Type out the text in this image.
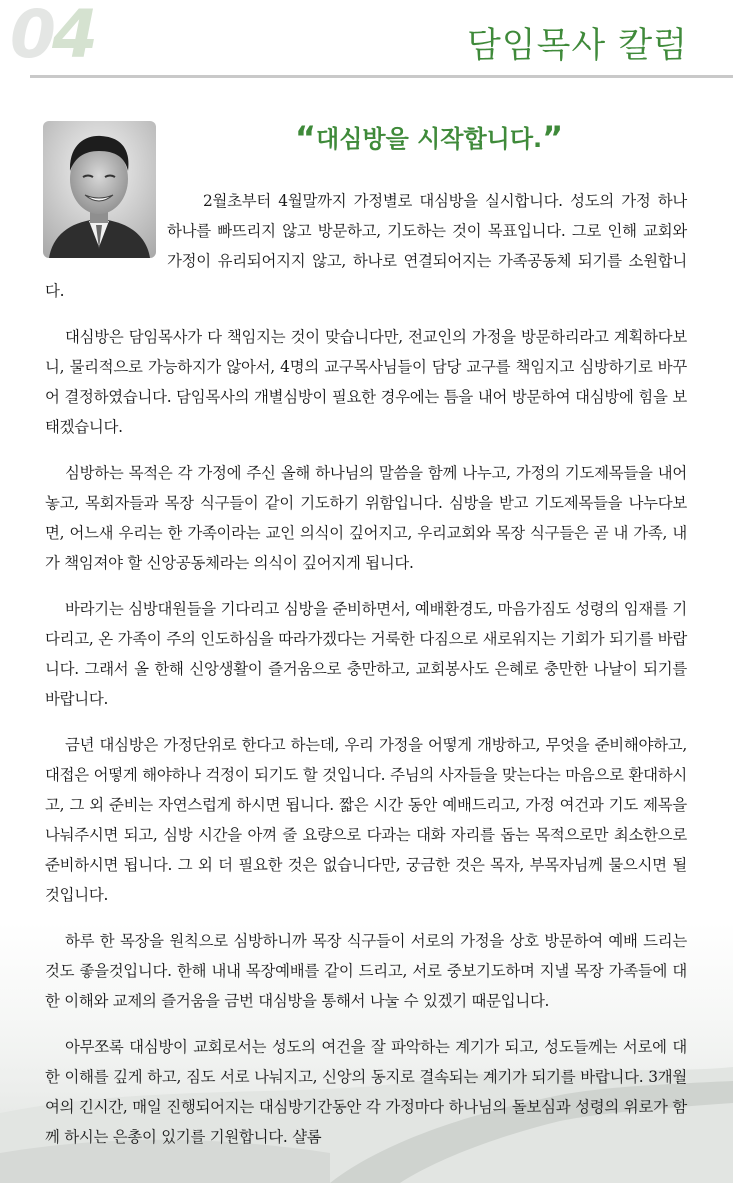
04	담임목사 칼럼
“대심방을 시작합니다.”

2월초부터 4월말까지 가정별로 대심방을 실시합니다. 성도의 가정 하나 하나를 빠뜨리지 않고 방문하고, 기도하는 것이 목표입니다. 그로 인해 교회와 가정이 유리되어지지 않고, 하나로 연결되어지는 가족공동체 되기를 소원합니다.

대심방은 담임목사가 다 책임지는 것이 맞습니다만, 전교인의 가정을 방문하리라고 계획하다보니, 물리적으로 가능하지가 않아서, 4명의 교구목사님들이 담당 교구를 책임지고 심방하기로 바꾸어 결정하였습니다. 담임목사의 개별심방이 필요한 경우에는 틈을 내어 방문하여 대심방에 힘을 보태겠습니다.

심방하는 목적은 각 가정에 주신 올해 하나님의 말씀을 함께 나누고, 가정의 기도제목들을 내어놓고, 목회자들과 목장 식구들이 같이 기도하기 위함입니다. 심방을 받고 기도제목들을 나누다보면, 어느새 우리는 한 가족이라는 교인 의식이 깊어지고, 우리교회와 목장 식구들은 곧 내 가족, 내가 책임져야 할 신앙공동체라는 의식이 깊어지게 됩니다.

바라기는 심방대원들을 기다리고 심방을 준비하면서, 예배환경도, 마음가짐도 성령의 임재를 기다리고, 온 가족이 주의 인도하심을 따라가겠다는 거룩한 다짐으로 새로워지는 기회가 되기를 바랍니다. 그래서 올 한해 신앙생활이 즐거움으로 충만하고, 교회봉사도 은혜로 충만한 나날이 되기를 바랍니다.

금년 대심방은 가정단위로 한다고 하는데, 우리 가정을 어떻게 개방하고, 무엇을 준비해야하고, 대접은 어떻게 해야하나 걱정이 되기도 할 것입니다. 주님의 사자들을 맞는다는 마음으로 환대하시고, 그 외 준비는 자연스럽게 하시면 됩니다. 짧은 시간 동안 예배드리고, 가정 여건과 기도 제목을 나눠주시면 되고, 심방 시간을 아껴 줄 요량으로 다과는 대화 자리를 돕는 목적으로만 최소한으로 준비하시면 됩니다. 그 외 더 필요한 것은 없습니다만, 궁금한 것은 목자, 부목자님께 물으시면 될 것입니다.

하루 한 목장을 원칙으로 심방하니까 목장 식구들이 서로의 가정을 상호 방문하여 예배 드리는 것도 좋을것입니다. 한해 내내 목장예배를 같이 드리고, 서로 중보기도하며 지낼 목장 가족들에 대한 이해와 교제의 즐거움을 금번 대심방을 통해서 나눌 수 있겠기 때문입니다.

아무쪼록 대심방이 교회로서는 성도의 여건을 잘 파악하는 계기가 되고, 성도들께는 서로에 대한 이해를 깊게 하고, 짐도 서로 나눠지고, 신앙의 동지로 결속되는 계기가 되기를 바랍니다. 3개월여의 긴시간, 매일 진행되어지는 대심방기간동안 각 가정마다 하나님의 돌보심과 성령의 위로가 함께 하시는 은총이 있기를 기원합니다. 샬롬
